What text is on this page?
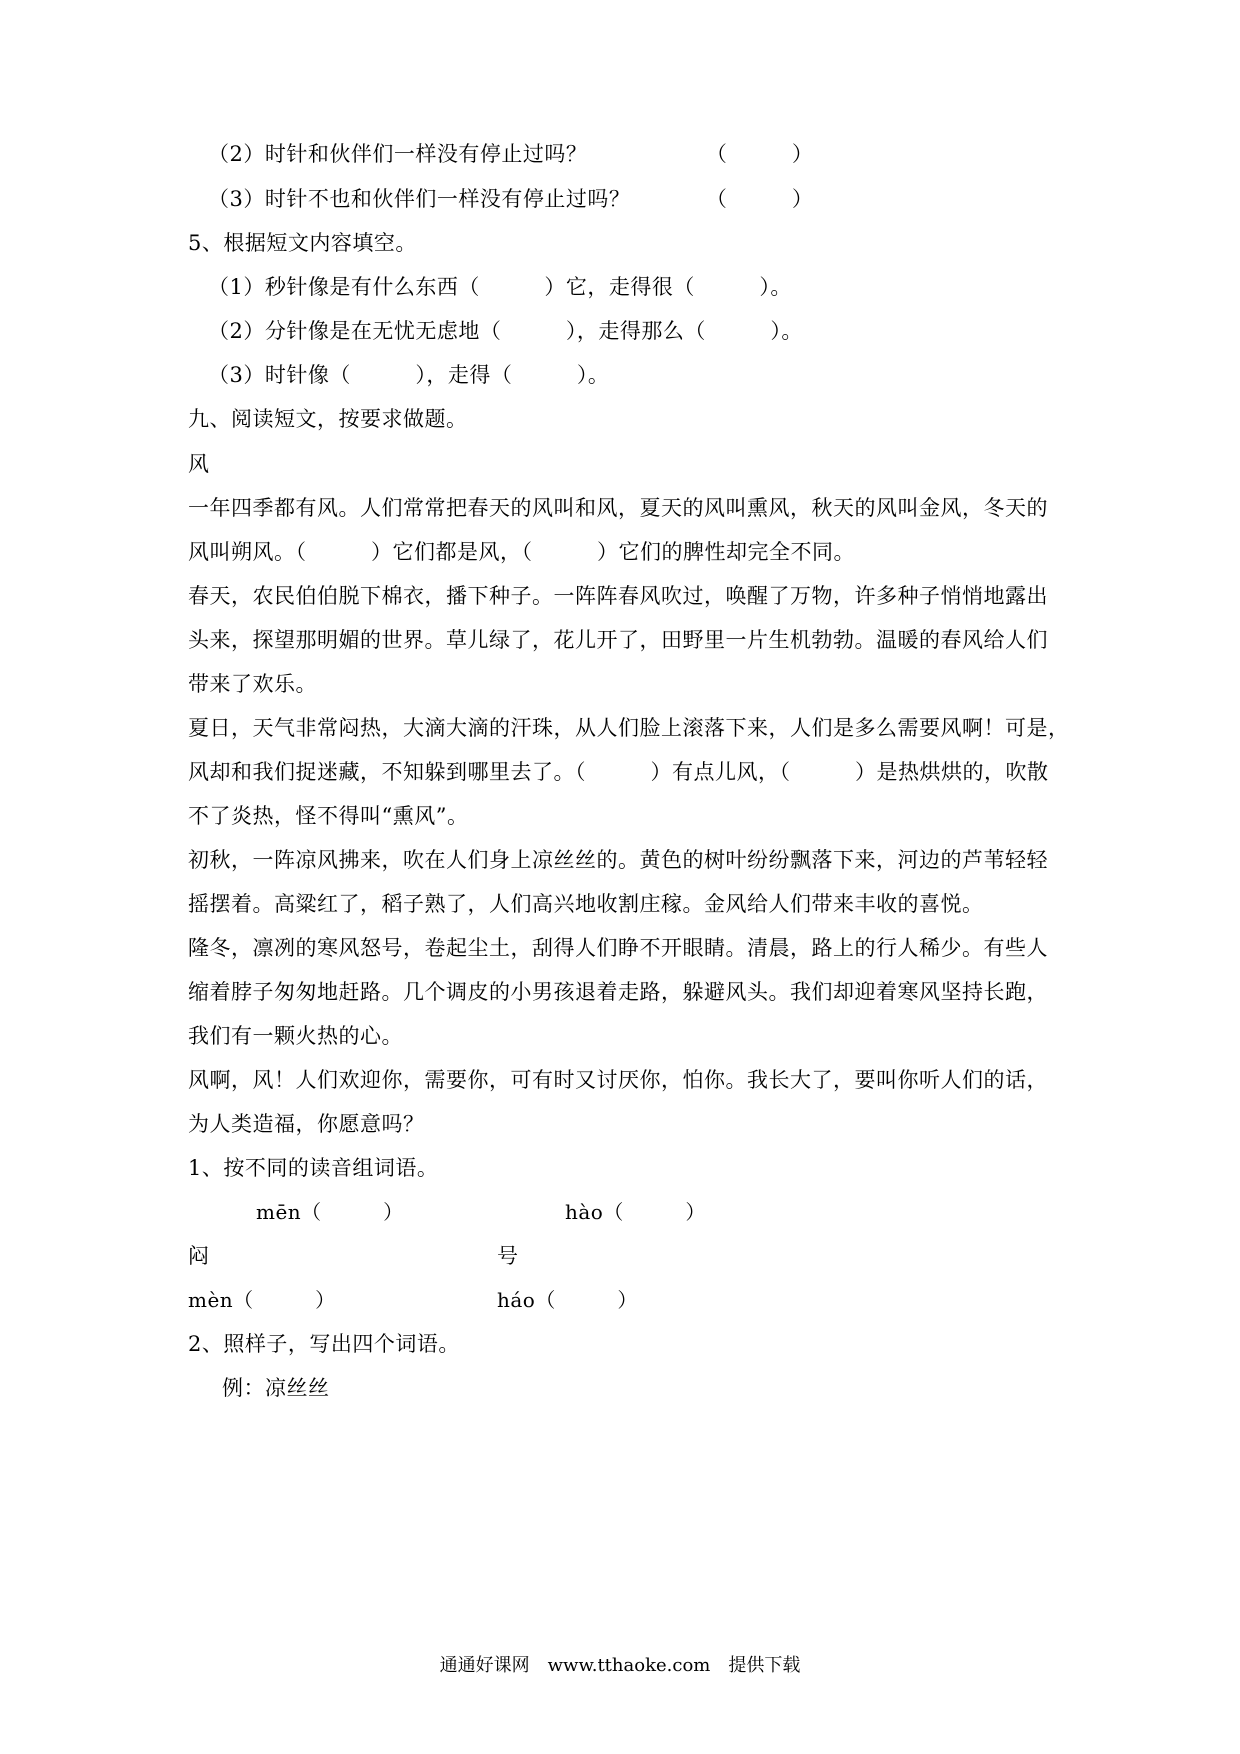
（2）时针和伙伴们一样没有停止过吗？　　　　　　（　　　）

（3）时针不也和伙伴们一样没有停止过吗？　　　　（　　　）

5、根据短文内容填空。

（1）秒针像是有什么东西（　　　）它，走得很（　　　）。

（2）分针像是在无忧无虑地（　　　），走得那么（　　　）。

（3）时针像（　　　），走得（　　　）。

九、阅读短文，按要求做题。

风

一年四季都有风。人们常常把春天的风叫和风，夏天的风叫熏风，秋天的风叫金风，冬天的

风叫朔风。（　　　）它们都是风，（　　　）它们的脾性却完全不同。

春天，农民伯伯脱下棉衣，播下种子。一阵阵春风吹过，唤醒了万物，许多种子悄悄地露出

头来，探望那明媚的世界。草儿绿了，花儿开了，田野里一片生机勃勃。温暖的春风给人们

带来了欢乐。

夏日，天气非常闷热，大滴大滴的汗珠，从人们脸上滚落下来，人们是多么需要风啊！可是，

风却和我们捉迷藏，不知躲到哪里去了。（　　　）有点儿风，（　　　）是热烘烘的，吹散

不了炎热，怪不得叫“熏风”。

初秋，一阵凉风拂来，吹在人们身上凉丝丝的。黄色的树叶纷纷飘落下来，河边的芦苇轻轻

摇摆着。高粱红了，稻子熟了，人们高兴地收割庄稼。金风给人们带来丰收的喜悦。

隆冬，凛冽的寒风怒号，卷起尘土，刮得人们睁不开眼睛。清晨，路上的行人稀少。有些人

缩着脖子匆匆地赶路。几个调皮的小男孩退着走路，躲避风头。我们却迎着寒风坚持长跑，

我们有一颗火热的心。

风啊，风！人们欢迎你，需要你，可有时又讨厌你，怕你。我长大了，要叫你听人们的话，

为人类造福，你愿意吗？

1、按不同的读音组词语。

mēn（　　　）	hào（　　　）

闷	号

mèn（　　　）	háo（　　　）

2、照样子，写出四个词语。

例：凉丝丝

通通好课网　www.tthaoke.com　提供下载
